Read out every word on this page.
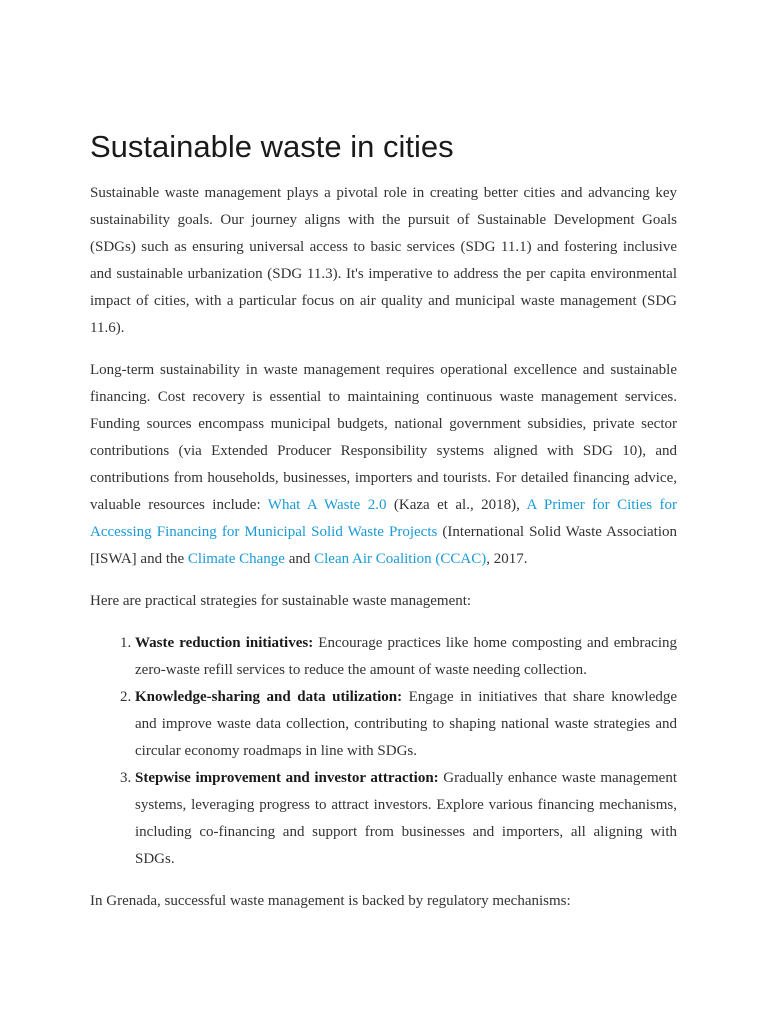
Sustainable waste in cities

Sustainable waste management plays a pivotal role in creating better cities and advancing key sustainability goals. Our journey aligns with the pursuit of Sustainable Development Goals (SDGs) such as ensuring universal access to basic services (SDG 11.1) and fostering inclusive and sustainable urbanization (SDG 11.3). It's imperative to address the per capita environmental impact of cities, with a particular focus on air quality and municipal waste management (SDG 11.6).

Long-term sustainability in waste management requires operational excellence and sustainable financing. Cost recovery is essential to maintaining continuous waste management services. Funding sources encompass municipal budgets, national government subsidies, private sector contributions (via Extended Producer Responsibility systems aligned with SDG 10), and contributions from households, businesses, importers and tourists. For detailed financing advice, valuable resources include: What A Waste 2.0 (Kaza et al., 2018), A Primer for Cities for Accessing Financing for Municipal Solid Waste Projects (International Solid Waste Association [ISWA] and the Climate Change and Clean Air Coalition (CCAC), 2017.

Here are practical strategies for sustainable waste management:

1. Waste reduction initiatives: Encourage practices like home composting and embracing zero-waste refill services to reduce the amount of waste needing collection.
2. Knowledge-sharing and data utilization: Engage in initiatives that share knowledge and improve waste data collection, contributing to shaping national waste strategies and circular economy roadmaps in line with SDGs.
3. Stepwise improvement and investor attraction: Gradually enhance waste management systems, leveraging progress to attract investors. Explore various financing mechanisms, including co-financing and support from businesses and importers, all aligning with SDGs.

In Grenada, successful waste management is backed by regulatory mechanisms:
